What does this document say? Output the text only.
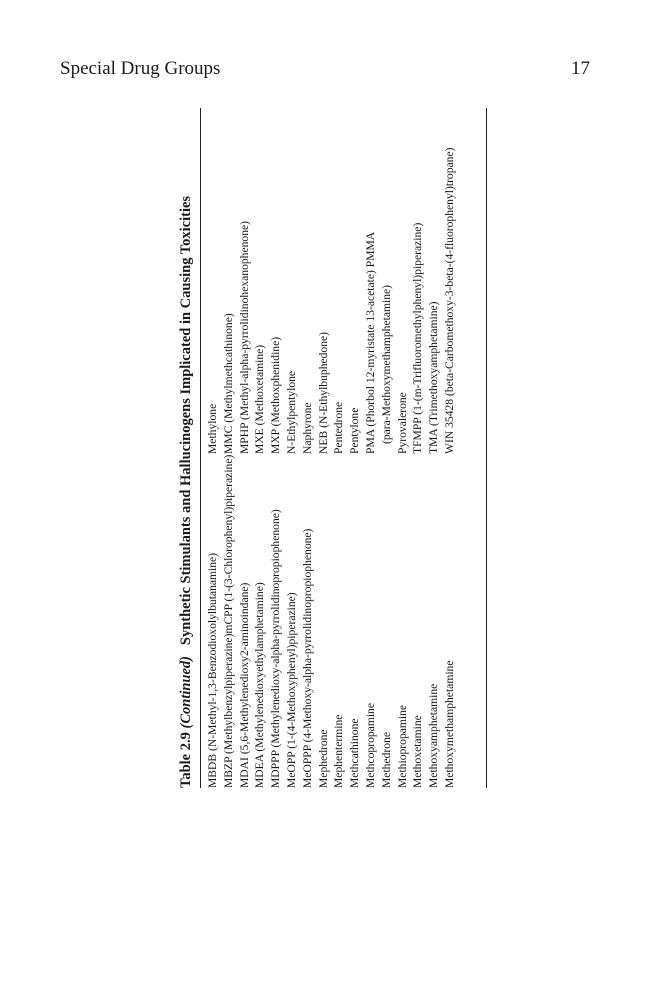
Special Drug Groups	17
Table 2.9 (Continued)   Synthetic Stimulants and Hallucinogens Implicated in Causing Toxicities
MBDB (N-Methyl-1,3-Benzodioxolylbutanamine) MBZP (Methylbenzylpiperazine)mCPP (1-(3-Chlorophenyl)piperazine) MDAI (5,6-Methylenedioxy2-aminoindane) MDEA (Methylenedioxyethylamphetamine) MDPPP (Methylenedioxy-alpha-pyrrolidinopropiophenone) MeOPP (1-(4-Methoxyphenyl)piperazine) MeOPPP (4-Methoxy-alpha-pyrrolidinopropiophenone) Mephedrone Mephentermine Methcathinone Methcopropamine Methedrone Methiopropamine Methoxetamine Methoxyamphetamine Methoxymethamphetamine
Methylone MMC (Methylmethcathinone) MPHP (Methyl-alpha-pyrrolidinohexanophenone) MXE (Methoxetamine) MXP (Methoxphenidine) N-Ethylpentylone Naphyrone NEB (N-Ethylbuphedone) Pentedrone Pentylone PMA (Phorbol 12-myristate 13-acetate) PMMA (para-Methoxymethamphetamine) Pyrovalerone TFMPP (1-(m-Trifluoromethylphenyl)piperazine) TMA (Trimethoxyamphetamine) WIN 35428 (beta-Carbomethoxy-3-beta-(4-fluorophenyl)tropane)
